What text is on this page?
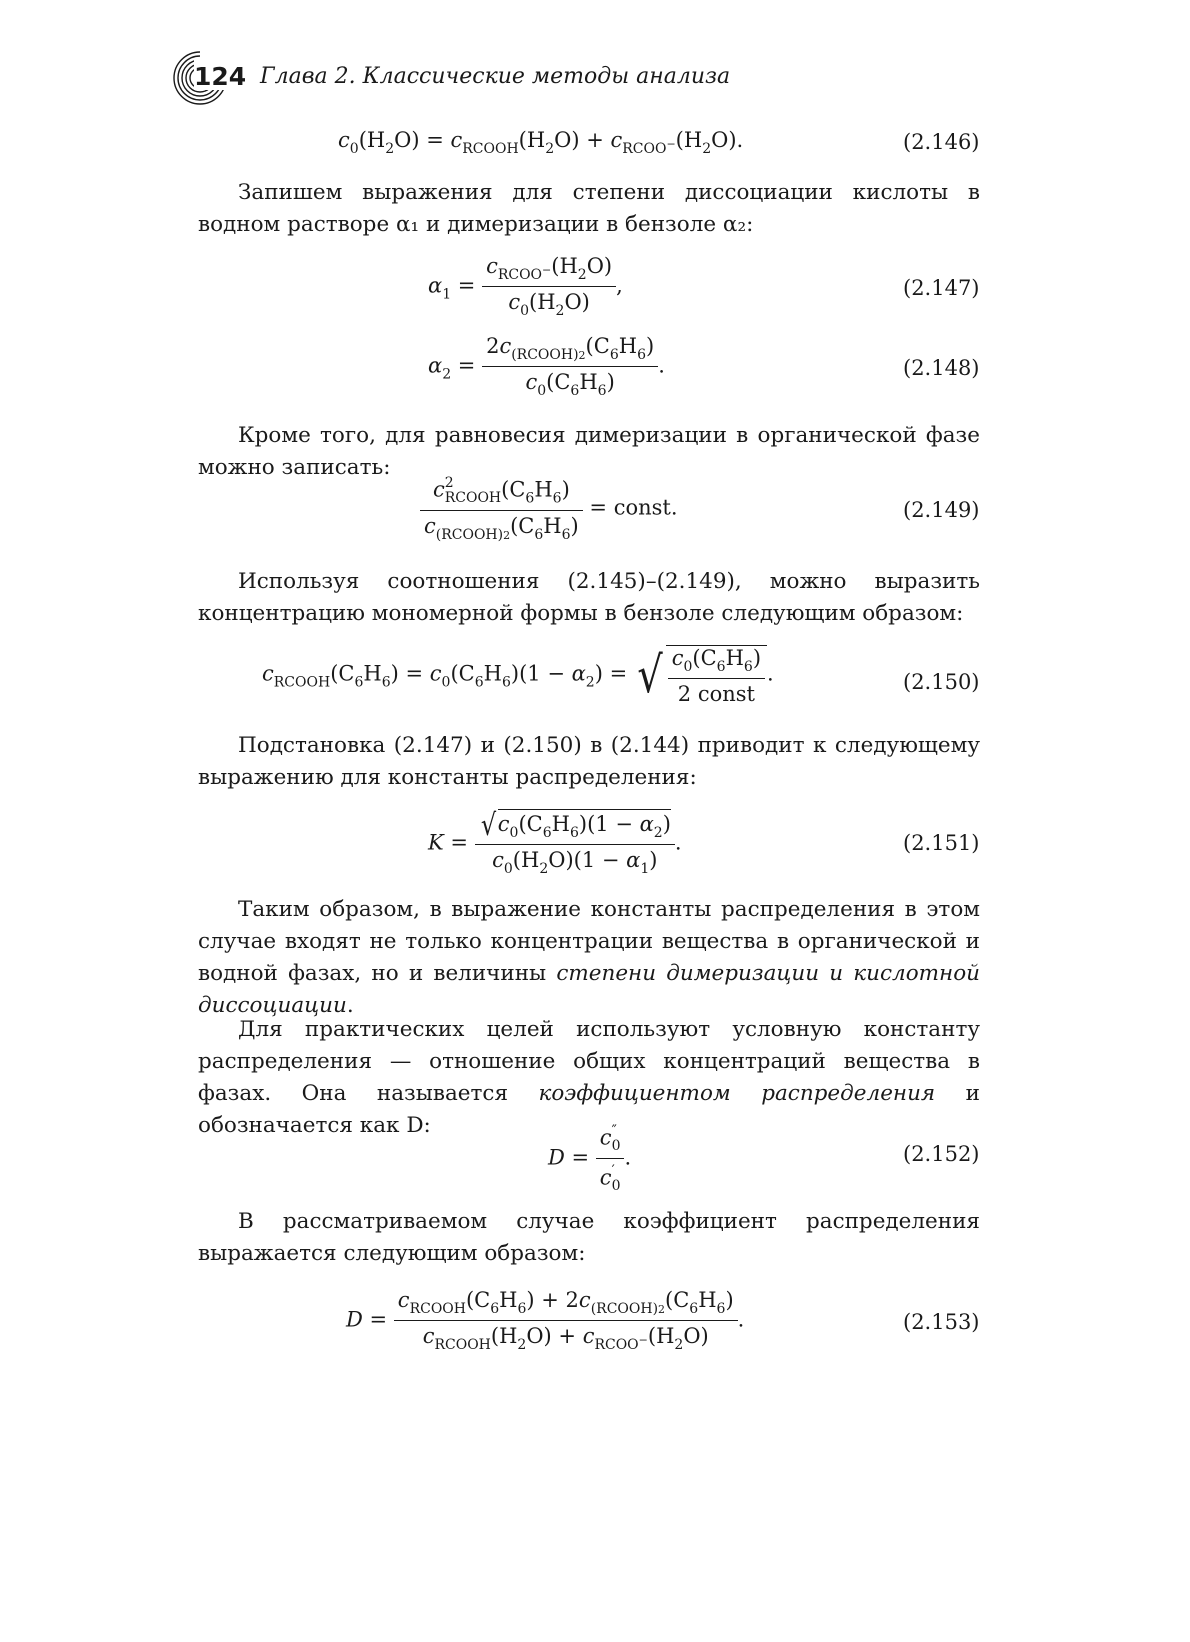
124 Глава 2. Классические методы анализа
$c_0(H_2O) = c_{RCOOH}(H_2O) + c_{RCOO^-}(H_2O)$.	(2.146)

Запишем выражения для степени диссоциации кислоты в водном растворе α₁ и димеризации в бензоле α₂:

$\alpha_1 = \frac{c_{RCOO^-}(H_2O)}{c_0(H_2O)}$ ,	(2.147)
$\alpha_2 = \frac{2c_{(RCOOH)2}(C_6H_6)}{c_0(C_6H_6)}$ .	(2.148)

Кроме того, для равновесия димеризации в органической фазе можно записать:

c 2
RCOOH $(C_6H_6)$
$c_{(RCOOH)2}(C_6H_6)$ = const.	(2.149)

Используя соотношения (2.145)–(2.149), можно выразить концентрацию мономерной формы в бензоле следующим образом:

$c_{RCOOH}(C_6H_6) = c_0(C_6H_6)(1 - \alpha_2)$ = √ $\frac{c_0(C_6H_6)}{\text{2 const}}$ .	(2.150)

Подстановка (2.147) и (2.150) в (2.144) приводит к следующему выражению для константы распределения:

$K = \frac{√c_0(C_6H_6)(1 - \alpha_2)}{c_0(H_2O)(1 - \alpha_1)}$ .	(2.151)

Таким образом, в выражение константы распределения в этом случае входят не только концентрации вещества в органической и водной фазах, но и величины степени димеризации и кислотной диссоциации.

Для практических целей используют условную константу распределения — отношение общих концентраций вещества в фазах. Она называется коэффициентом распределения и обозначается как D:

D = c ″
0
c ′
0 .	(2.152)

В рассматриваемом случае коэффициент распределения выражается следующим образом:

$D = \frac{c_{RCOOH}(C_6H_6) + 2c_{(RCOOH)2}(C_6H_6)}{c_{RCOOH}(H_2O) + c_{RCOO^-}(H_2O)}$ .	(2.153)
